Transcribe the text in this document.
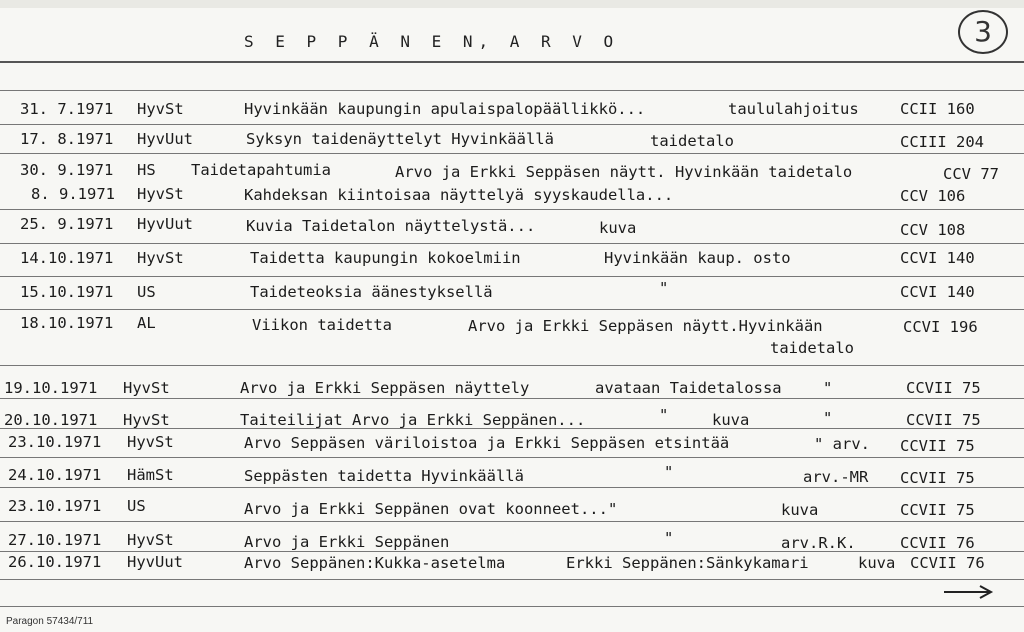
S E P P Ä N E N, A R V O	3
31. 7.1971 HyvSt	Hyvinkään kaupungin apulaispalopäällikkö...	taululahjoitus	CCII 160
17. 8.1971 HyvUut	Syksyn taidenäyttelyt Hyvinkäällä	taidetalo	CCIII 204
30. 9.1971 HS Taidetapahtumia	Arvo ja Erkki Seppäsen näytt. Hyvinkään taidetalo	CCV 77
8. 9.1971 HyvSt	Kahdeksan kiintoisaa näyttelyä syyskaudella...	CCV 106
25. 9.1971 HyvUut	Kuvia Taidetalon näyttelystä...	kuva	CCV 108
14.10.1971 HyvSt	Taidetta kaupungin kokoelmiin	Hyvinkään kaup. osto	CCVI 140
15.10.1971 US	Taideteoksia äänestyksellä	"	CCVI 140
18.10.1971 AL	Viikon taidetta	Arvo ja Erkki Seppäsen näytt.Hyvinkään	CCVI 196
taidetalo
19.10.1971 HyvSt	Arvo ja Erkki Seppäsen näyttely	avataan Taidetalossa	"	CCVII 75
20.10.1971 HyvSt	Taiteilijat Arvo ja Erkki Seppänen...	"	kuva	"	CCVII 75
23.10.1971 HyvSt	Arvo Seppäsen väriloistoa ja Erkki Seppäsen etsintää	" arv. CCVII 75
24.10.1971 HämSt	Seppästen taidetta Hyvinkäällä	"	arv.-MR CCVII 75
23.10.1971 US	Arvo ja Erkki Seppänen ovat koonneet..."	kuva	CCVII 75
27.10.1971 HyvSt	Arvo ja Erkki Seppänen	"	arv.R.K.	CCVII 76
26.10.1971 HyvUut	Arvo Seppänen:Kukka-asetelma	Erkki Seppänen:Sänkykamari	kuva CCVII 76
Paragon 57434/711
